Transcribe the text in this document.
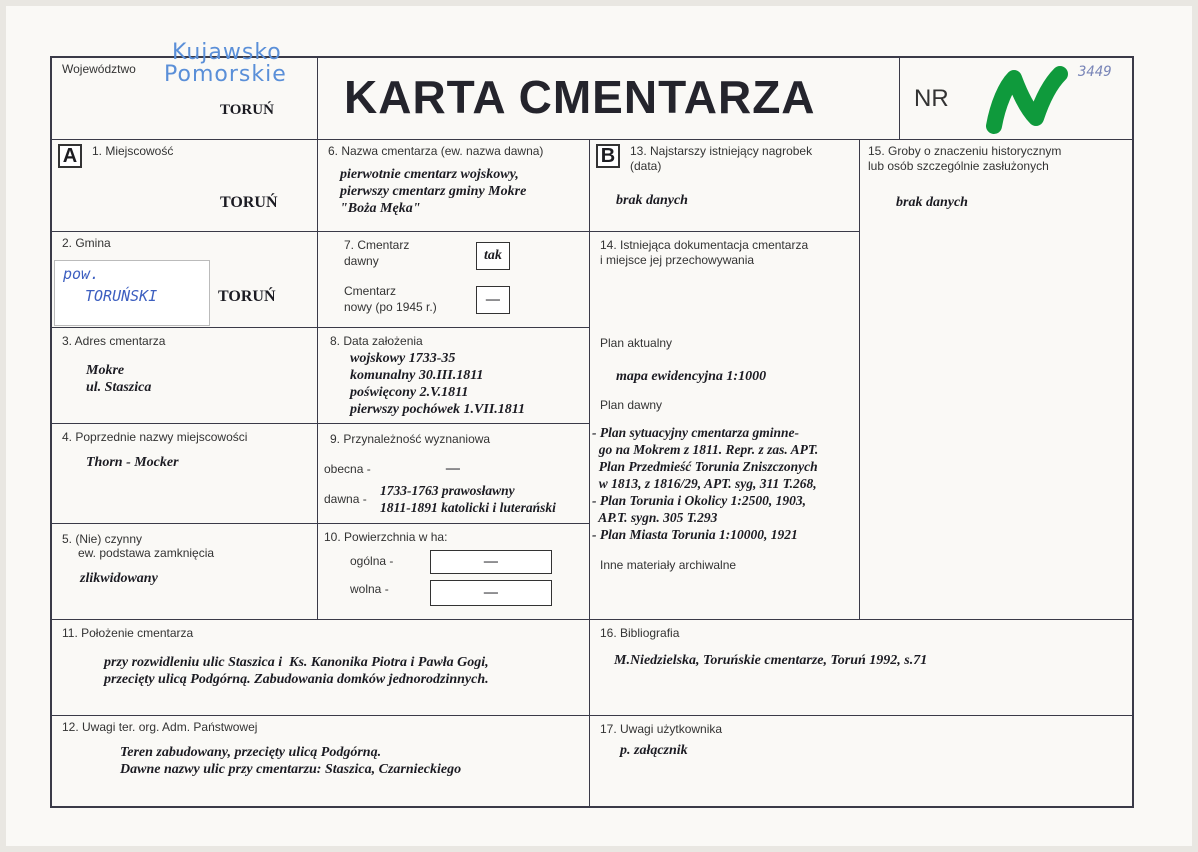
Województwo
Kujawsko
Pomorskie
TORUŃ KARTA CMENTARZA	NR
3449
A	1. Miejscowość
TORUŃ
6. Nazwa cmentarza (ew. nazwa dawna)
pierwotnie cmentarz wojskowy,
pierwszy cmentarz gminy Mokre
"Boża Męka"
B	13. Najstarszy istniejący nagrobek
(data)
brak danych
15. Groby o znaczeniu historycznym
lub osób szczególnie zasłużonych
brak danych
2. Gmina
pow.
TORUŃSKI	TORUŃ
7. Cmentarz
dawny	tak
Cmentarz
nowy (po 1945 r.)	—
14. Istniejąca dokumentacja cmentarza
i miejsce jej przechowywania
Plan aktualny
mapa ewidencyjna 1:1000
Plan dawny
- Plan sytuacyjny cmentarza gminne-
go na Mokrem z 1811. Repr. z zas. APT.
Plan Przedmieść Torunia Zniszczonych
w 1813, z 1816/29, APT. syg, 311 T.268,
- Plan Torunia i Okolicy 1:2500, 1903,
AP.T. sygn. 305 T.293
- Plan Miasta Torunia 1:10000, 1921
Inne materiały archiwalne
3. Adres cmentarza
Mokre
ul. Staszica
8. Data założenia
wojskowy 1733-35
komunalny 30.III.1811
poświęcony 2.V.1811
pierwszy pochówek 1.VII.1811
4. Poprzednie nazwy miejscowości
Thorn - Mocker
9. Przynależność wyznaniowa
obecna -	—
dawna -
1733-1763 prawosławny
1811-1891 katolicki i luterański
5. (Nie) czynny
ew. podstawa zamknięcia
zlikwidowany
10. Powierzchnia w ha:
ogólna -	—
wolna -	—
11. Położenie cmentarza
przy rozwidleniu ulic Staszica i  Ks. Kanonika Piotra i Pawła Gogi,
przecięty ulicą Podgórną. Zabudowania domków jednorodzinnych.
16. Bibliografia
M.Niedzielska, Toruńskie cmentarze, Toruń 1992, s.71
12. Uwagi ter. org. Adm. Państwowej
Teren zabudowany, przecięty ulicą Podgórną.
Dawne nazwy ulic przy cmentarzu: Staszica, Czarnieckiego
17. Uwagi użytkownika
p. załącznik
